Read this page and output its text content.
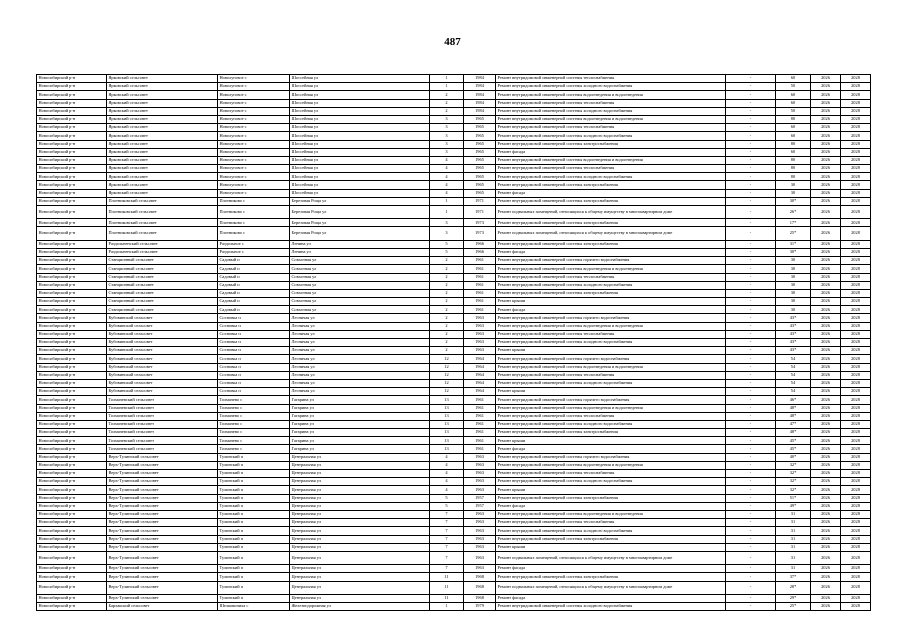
487
Новосибирский р-н	Ярковский сельсовет	Новолуговое с	Шоссейная ул	1	1984	Ремонт внутридомовой инженерной системы теплоснабжения	-	60	2026	2028
Новосибирский р-н	Ярковский сельсовет	Новолуговое с	Шоссейная ул	1	1984	Ремонт внутридомовой инженерной системы холодного водоснабжения	-	50	2026	2028
Новосибирский р-н	Ярковский сельсовет	Новолуговое с	Шоссейная ул	2	1984	Ремонт внутридомовой инженерной системы водоотведения и водоотведения	-	60	2026	2028
Новосибирский р-н	Ярковский сельсовет	Новолуговое с	Шоссейная ул	2	1984	Ремонт внутридомовой инженерной системы теплоснабжения	-	60	2026	2028
Новосибирский р-н	Ярковский сельсовет	Новолуговое с	Шоссейная ул	2	1984	Ремонт внутридомовой инженерной системы холодного водоснабжения	-	50	2026	2028
Новосибирский р-н	Ярковский сельсовет	Новолуговое с	Шоссейная ул	3	1965	Ремонт внутридомовой инженерной системы водоотведения и водоотведения	-	80	2026	2028
Новосибирский р-н	Ярковский сельсовет	Новолуговое с	Шоссейная ул	3	1965	Ремонт внутридомовой инженерной системы теплоснабжения	-	60	2026	2028
Новосибирский р-н	Ярковский сельсовет	Новолуговое с	Шоссейная ул	3	1965	Ремонт внутридомовой инженерной системы холодного водоснабжения	-	60	2026	2028
Новосибирский р-н	Ярковский сельсовет	Новолуговое с	Шоссейная ул	3	1965	Ремонт внутридомовой инженерной системы электроснабжения	-	80	2026	2028
Новосибирский р-н	Ярковский сельсовет	Новолуговое с	Шоссейная ул	3	1965	Ремонт фасада	-	60	2026	2028
Новосибирский р-н	Ярковский сельсовет	Новолуговое с	Шоссейная ул	4	1965	Ремонт внутридомовой инженерной системы водоотведения и водоотведения	-	80	2026	2028
Новосибирский р-н	Ярковский сельсовет	Новолуговое с	Шоссейная ул	4	1965	Ремонт внутридомовой инженерной системы теплоснабжения	-	80	2026	2028
Новосибирский р-н	Ярковский сельсовет	Новолуговое с	Шоссейная ул	4	1965	Ремонт внутридомовой инженерной системы холодного водоснабжения	-	80	2026	2028
Новосибирский р-н	Ярковский сельсовет	Новолуговое с	Шоссейная ул	4	1965	Ремонт внутридомовой инженерной системы электроснабжения	-	30	2026	2028
Новосибирский р-н	Ярковский сельсовет	Новолуговое с	Шоссейная ул	4	1965	Ремонт фасада	-	30	2026	2028
Новосибирский р-н	Плотниковский сельсовет	Плотниково с	Березовая Роща ул	1	1971	Ремонт внутридомовой инженерной системы электроснабжения	-	30*	2026	2028
Новосибирский р-н	Плотниковский сельсовет	Плотниково с	Березовая Роща ул	1	1971	Ремонт подвальных помещений, относящихся к общему имуществу в многоквартирном доме	-	26*	2026	2028
Новосибирский р-н	Плотниковский сельсовет	Плотниково с	Березовая Роща ул	3	1973	Ремонт внутридомовой инженерной системы электроснабжения	-	17*	2026	2028
Новосибирский р-н	Плотниковский сельсовет	Плотниково с	Березовая Роща ул	3	1973	Ремонт подвальных помещений, относящихся к общему имуществу в многоквартирном доме	-	25*	2026	2028
Новосибирский р-н	Раздольненский сельсовет	Раздольное с	Ленина ул	5	1966	Ремонт внутридомовой инженерной системы электроснабжения	-	31*	2026	2028
Новосибирский р-н	Раздольненский сельсовет	Раздольное с	Ленина ул	5	1966	Ремонт фасада	-	30*	2026	2028
Новосибирский р-н	Станционный сельсовет	Садовый п	Совхозная ул	2	1961	Ремонт внутридомовой инженерной системы горячего водоснабжения	-	30	2026	2028
Новосибирский р-н	Станционный сельсовет	Садовый п	Совхозная ул	2	1961	Ремонт внутридомовой инженерной системы водоотведения и водоотведения	-	30	2026	2028
Новосибирский р-н	Станционный сельсовет	Садовый п	Совхозная ул	2	1961	Ремонт внутридомовой инженерной системы теплоснабжения	-	30	2026	2028
Новосибирский р-н	Станционный сельсовет	Садовый п	Совхозная ул	2	1961	Ремонт внутридомовой инженерной системы холодного водоснабжения	-	30	2026	2028
Новосибирский р-н	Станционный сельсовет	Садовый п	Совхозная ул	2	1961	Ремонт внутридомовой инженерной системы электроснабжения	-	30	2026	2028
Новосибирский р-н	Станционный сельсовет	Садовый п	Совхозная ул	2	1961	Ремонт крыши	-	30	2026	2028
Новосибирский р-н	Станционный сельсовет	Садовый п	Совхозная ул	2	1961	Ремонт фасада	-	30	2026	2028
Новосибирский р-н	Кубовинский сельсовет	Сосновка п	Лесничая ул	2	1963	Ремонт внутридомовой инженерной системы горячего водоснабжения	-	43*	2026	2028
Новосибирский р-н	Кубовинский сельсовет	Сосновка п	Лесничая ул	2	1963	Ремонт внутридомовой инженерной системы водоотведения и водоотведения	-	43*	2026	2028
Новосибирский р-н	Кубовинский сельсовет	Сосновка п	Лесничая ул	2	1963	Ремонт внутридомовой инженерной системы теплоснабжения	-	43*	2026	2028
Новосибирский р-н	Кубовинский сельсовет	Сосновка п	Лесничая ул	2	1963	Ремонт внутридомовой инженерной системы холодного водоснабжения	-	43*	2026	2028
Новосибирский р-н	Кубовинский сельсовет	Сосновка п	Лесничая ул	2	1963	Ремонт крыши	-	43*	2026	2028
Новосибирский р-н	Кубовинский сельсовет	Сосновка п	Лесничая ул	12	1964	Ремонт внутридомовой инженерной системы горячего водоснабжения	-	54	2026	2028
Новосибирский р-н	Кубовинский сельсовет	Сосновка п	Лесничая ул	12	1964	Ремонт внутридомовой инженерной системы водоотведения и водоотведения	-	54	2026	2028
Новосибирский р-н	Кубовинский сельсовет	Сосновка п	Лесничая ул	12	1964	Ремонт внутридомовой инженерной системы теплоснабжения	-	54	2026	2028
Новосибирский р-н	Кубовинский сельсовет	Сосновка п	Лесничая ул	12	1964	Ремонт внутридомовой инженерной системы холодного водоснабжения	-	54	2026	2028
Новосибирский р-н	Кубовинский сельсовет	Сосновка п	Лесничая ул	12	1964	Ремонт крыши	-	54	2026	2028
Новосибирский р-н	Толмачевский сельсовет	Толмачево с	Гагарина ул	13	1961	Ремонт внутридомовой инженерной системы горячего водоснабжения	-	46*	2026	2028
Новосибирский р-н	Толмачевский сельсовет	Толмачево с	Гагарина ул	13	1961	Ремонт внутридомовой инженерной системы водоотведения и водоотведения	-	48*	2026	2028
Новосибирский р-н	Толмачевский сельсовет	Толмачево с	Гагарина ул	13	1961	Ремонт внутридомовой инженерной системы теплоснабжения	-	48*	2026	2028
Новосибирский р-н	Толмачевский сельсовет	Толмачево с	Гагарина ул	13	1961	Ремонт внутридомовой инженерной системы холодного водоснабжения	-	47*	2026	2028
Новосибирский р-н	Толмачевский сельсовет	Толмачево с	Гагарина ул	13	1961	Ремонт внутридомовой инженерной системы электроснабжения	-	48*	2026	2028
Новосибирский р-н	Толмачевский сельсовет	Толмачево с	Гагарина ул	13	1961	Ремонт крыши	-	45*	2026	2028
Новосибирский р-н	Толмачевский сельсовет	Толмачево с	Гагарина ул	13	1961	Ремонт фасада	-	45*	2026	2028
Новосибирский р-н	Верх-Тулинский сельсовет	Тулинский п	Центральная ул	4	1963	Ремонт внутридомовой инженерной системы горячего водоснабжения	-	40*	2026	2028
Новосибирский р-н	Верх-Тулинский сельсовет	Тулинский п	Центральная ул	4	1963	Ремонт внутридомовой инженерной системы водоотведения и водоотведения	-	32*	2026	2028
Новосибирский р-н	Верх-Тулинский сельсовет	Тулинский п	Центральная ул	4	1963	Ремонт внутридомовой инженерной системы теплоснабжения	-	32*	2026	2028
Новосибирский р-н	Верх-Тулинский сельсовет	Тулинский п	Центральная ул	4	1963	Ремонт внутридомовой инженерной системы холодного водоснабжения	-	32*	2026	2028
Новосибирский р-н	Верх-Тулинский сельсовет	Тулинский п	Центральная ул	4	1963	Ремонт крыши	-	32*	2026	2028
Новосибирский р-н	Верх-Тулинский сельсовет	Тулинский п	Центральная ул	5	1957	Ремонт внутридомовой инженерной системы электроснабжения	-	51*	2026	2028
Новосибирский р-н	Верх-Тулинский сельсовет	Тулинский п	Центральная ул	5	1957	Ремонт фасада	-	49*	2026	2028
Новосибирский р-н	Верх-Тулинский сельсовет	Тулинский п	Центральная ул	7	1963	Ремонт внутридомовой инженерной системы водоотведения и водоотведения	-	31	2026	2028
Новосибирский р-н	Верх-Тулинский сельсовет	Тулинский п	Центральная ул	7	1963	Ремонт внутридомовой инженерной системы теплоснабжения	-	31	2026	2028
Новосибирский р-н	Верх-Тулинский сельсовет	Тулинский п	Центральная ул	7	1963	Ремонт внутридомовой инженерной системы холодного водоснабжения	-	31	2026	2028
Новосибирский р-н	Верх-Тулинский сельсовет	Тулинский п	Центральная ул	7	1963	Ремонт внутридомовой инженерной системы электроснабжения	-	31	2026	2028
Новосибирский р-н	Верх-Тулинский сельсовет	Тулинский п	Центральная ул	7	1963	Ремонт крыши	-	31	2026	2028
Новосибирский р-н	Верх-Тулинский сельсовет	Тулинский п	Центральная ул	7	1963	Ремонт подвальных помещений, относящихся к общему имуществу в многоквартирном доме	-	31	2026	2028
Новосибирский р-н	Верх-Тулинский сельсовет	Тулинский п	Центральная ул	7	1963	Ремонт фасада	-	31	2026	2028
Новосибирский р-н	Верх-Тулинский сельсовет	Тулинский п	Центральная ул	11	1968	Ремонт внутридомовой инженерной системы электроснабжения	-	37*	2026	2028
Новосибирский р-н	Верх-Тулинский сельсовет	Тулинский п	Центральная ул	11	1968	Ремонт подвальных помещений, относящихся к общему имуществу в многоквартирном доме	-	28*	2026	2028
Новосибирский р-н	Верх-Тулинский сельсовет	Тулинский п	Центральная ул	11	1968	Ремонт фасада	-	29*	2026	2028
Новосибирский р-н	Барлакский сельсовет	Шелковичиха с	Железнодорожная ул	1	1979	Ремонт внутридомовой инженерной системы холодного водоснабжения	-	25*	2026	2028
